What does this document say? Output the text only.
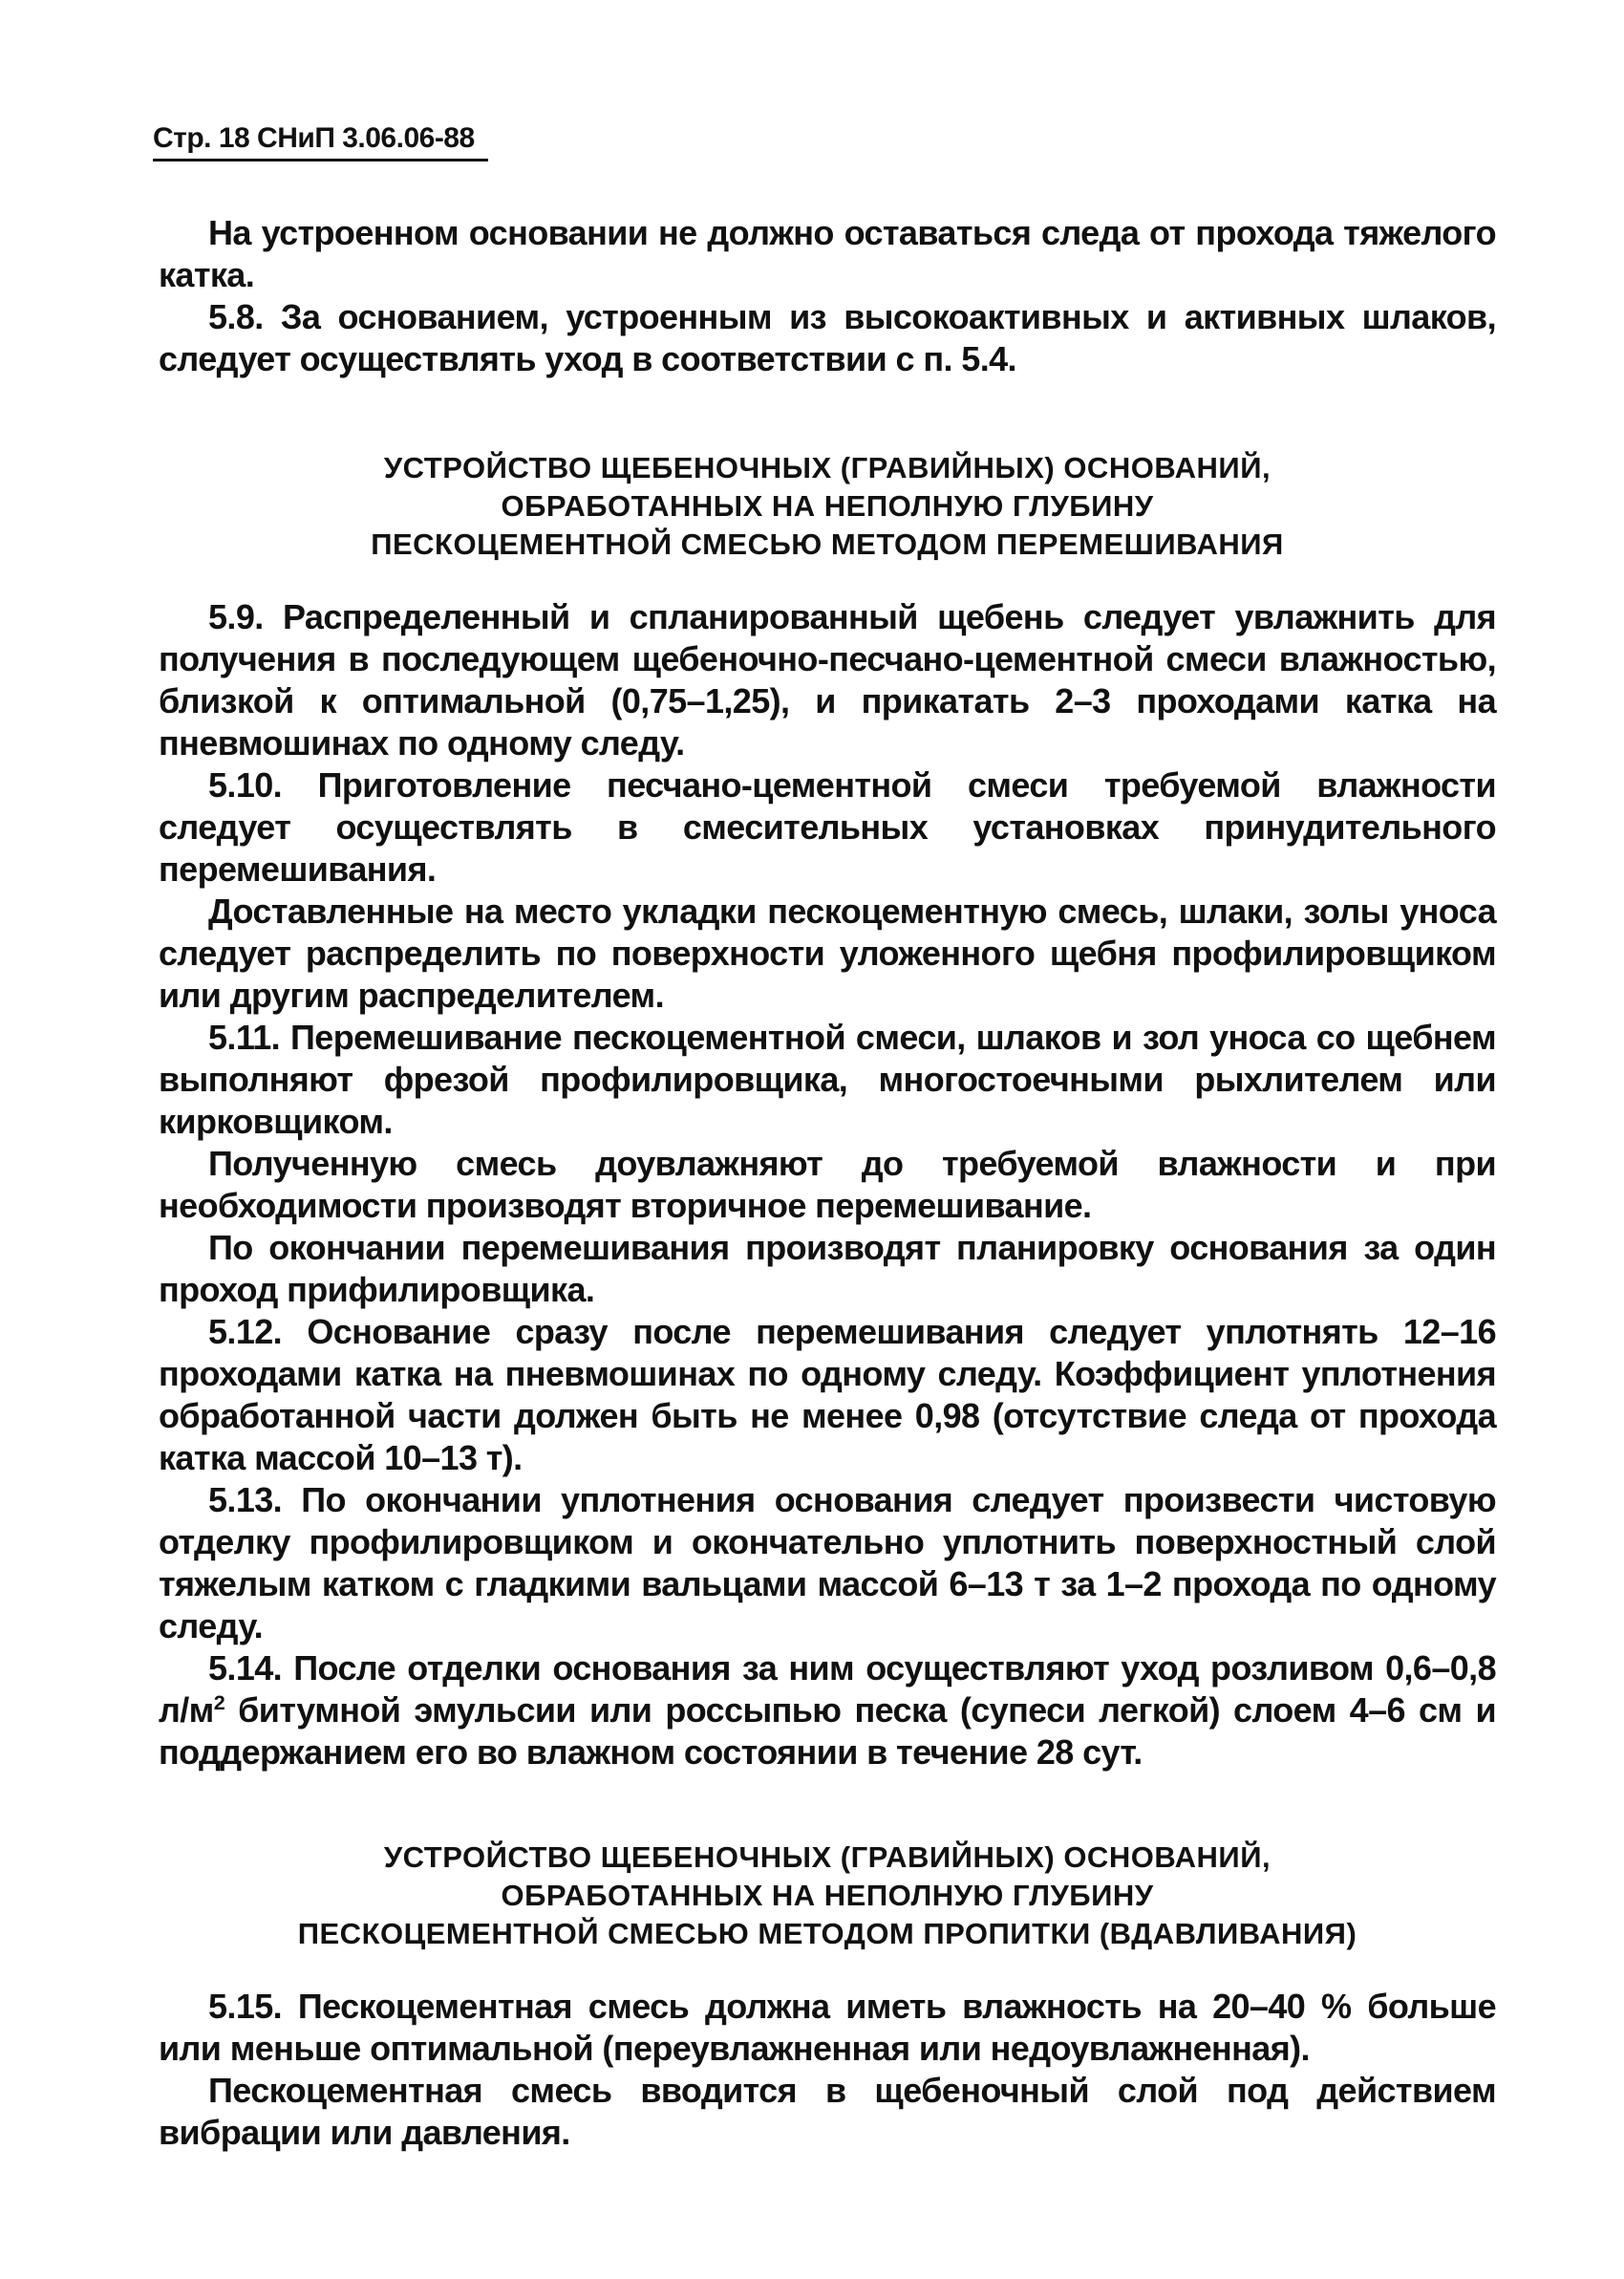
Стр. 18 СНиП 3.06.06-88

На устроенном основании не должно оставаться следа от прохода тяжелого катка.

5.8. За основанием, устроенным из высокоактивных и активных шлаков, следует осуществлять уход в соответствии с п. 5.4.

УСТРОЙСТВО ЩЕБЕНОЧНЫХ (ГРАВИЙНЫХ) ОСНОВАНИЙ,
ОБРАБОТАННЫХ НА НЕПОЛНУЮ ГЛУБИНУ
ПЕСКОЦЕМЕНТНОЙ СМЕСЬЮ МЕТОДОМ ПЕРЕМЕШИВАНИЯ

5.9. Распределенный и спланированный щебень следует увлажнить для получения в последующем щебеночно-песчано-цементной смеси влажностью, близкой к оптимальной (0,75–1,25), и прикатать 2–3 проходами катка на пневмошинах по одному следу.

5.10. Приготовление песчано-цементной смеси требуемой влажности следует осуществлять в смесительных установках принудительного перемешивания.

Доставленные на место укладки пескоцементную смесь, шлаки, золы уноса следует распределить по поверхности уложенного щебня профилировщиком или другим распределителем.

5.11. Перемешивание пескоцементной смеси, шлаков и зол уноса со щебнем выполняют фрезой профилировщика, многостоечными рыхлителем или кирковщиком.

Полученную смесь доувлажняют до требуемой влажности и при необходимости производят вторичное перемешивание.

По окончании перемешивания производят планировку основания за один проход прифилировщика.

5.12. Основание сразу после перемешивания следует уплотнять 12–16 проходами катка на пневмошинах по одному следу. Коэффициент уплотнения обработанной части должен быть не менее 0,98 (отсутствие следа от прохода катка массой 10–13 т).

5.13. По окончании уплотнения основания следует произвести чистовую отделку профилировщиком и окончательно уплотнить поверхностный слой тяжелым катком с гладкими вальцами массой 6–13 т за 1–2 прохода по одному следу.

5.14. После отделки основания за ним осуществляют уход розливом 0,6–0,8 $л/м^2$ битумной эмульсии или россыпью песка (супеси легкой) слоем 4–6 см и поддержанием его во влажном состоянии в течение 28 сут.

УСТРОЙСТВО ЩЕБЕНОЧНЫХ (ГРАВИЙНЫХ) ОСНОВАНИЙ,
ОБРАБОТАННЫХ НА НЕПОЛНУЮ ГЛУБИНУ
ПЕСКОЦЕМЕНТНОЙ СМЕСЬЮ МЕТОДОМ ПРОПИТКИ (ВДАВЛИВАНИЯ)

5.15. Пескоцементная смесь должна иметь влажность на 20–40 % больше или меньше оптимальной (переувлажненная или недоувлажненная).

Пескоцементная смесь вводится в щебеночный слой под действием вибрации или давления.
